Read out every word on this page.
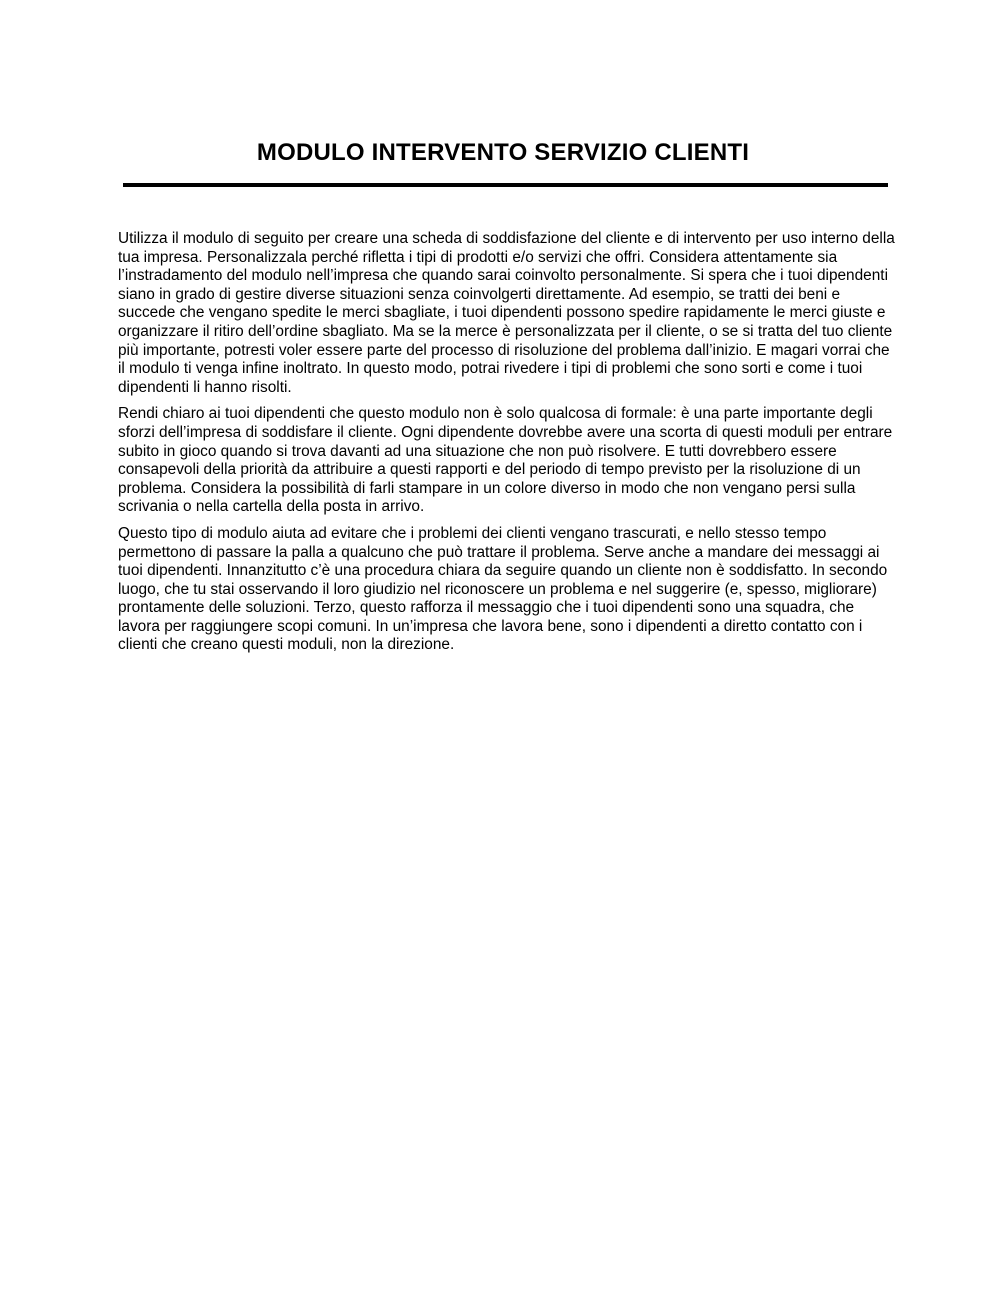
MODULO INTERVENTO SERVIZIO CLIENTI

Utilizza il modulo di seguito per creare una scheda di soddisfazione del cliente e di intervento per uso interno della tua impresa. Personalizzala perché rifletta i tipi di prodotti e/o servizi che offri. Considera attentamente sia l’instradamento del modulo nell’impresa che quando sarai coinvolto personalmente. Si spera che i tuoi dipendenti siano in grado di gestire diverse situazioni senza coinvolgerti direttamente. Ad esempio, se tratti dei beni e succede che vengano spedite le merci sbagliate, i tuoi dipendenti possono spedire rapidamente le merci giuste e organizzare il ritiro dell’ordine sbagliato. Ma se la merce è personalizzata per il cliente, o se si tratta del tuo cliente più importante, potresti voler essere parte del processo di risoluzione del problema dall’inizio. E magari vorrai che il modulo ti venga infine inoltrato. In questo modo, potrai rivedere i tipi di problemi che sono sorti e come i tuoi dipendenti li hanno risolti.

Rendi chiaro ai tuoi dipendenti che questo modulo non è solo qualcosa di formale: è una parte importante degli sforzi dell’impresa di soddisfare il cliente. Ogni dipendente dovrebbe avere una scorta di questi moduli per entrare subito in gioco quando si trova davanti ad una situazione che non può risolvere. E tutti dovrebbero essere consapevoli della priorità da attribuire a questi rapporti e del periodo di tempo previsto per la risoluzione di un problema. Considera la possibilità di farli stampare in un colore diverso in modo che non vengano persi sulla scrivania o nella cartella della posta in arrivo.

Questo tipo di modulo aiuta ad evitare che i problemi dei clienti vengano trascurati, e nello stesso tempo permettono di passare la palla a qualcuno che può trattare il problema. Serve anche a mandare dei messaggi ai tuoi dipendenti. Innanzitutto c’è una procedura chiara da seguire quando un cliente non è soddisfatto. In secondo luogo, che tu stai osservando il loro giudizio nel riconoscere un problema e nel suggerire (e, spesso, migliorare) prontamente delle soluzioni. Terzo, questo rafforza il messaggio che i tuoi dipendenti sono una squadra, che lavora per raggiungere scopi comuni. In un’impresa che lavora bene, sono i dipendenti a diretto contatto con i clienti che creano questi moduli, non la direzione.
